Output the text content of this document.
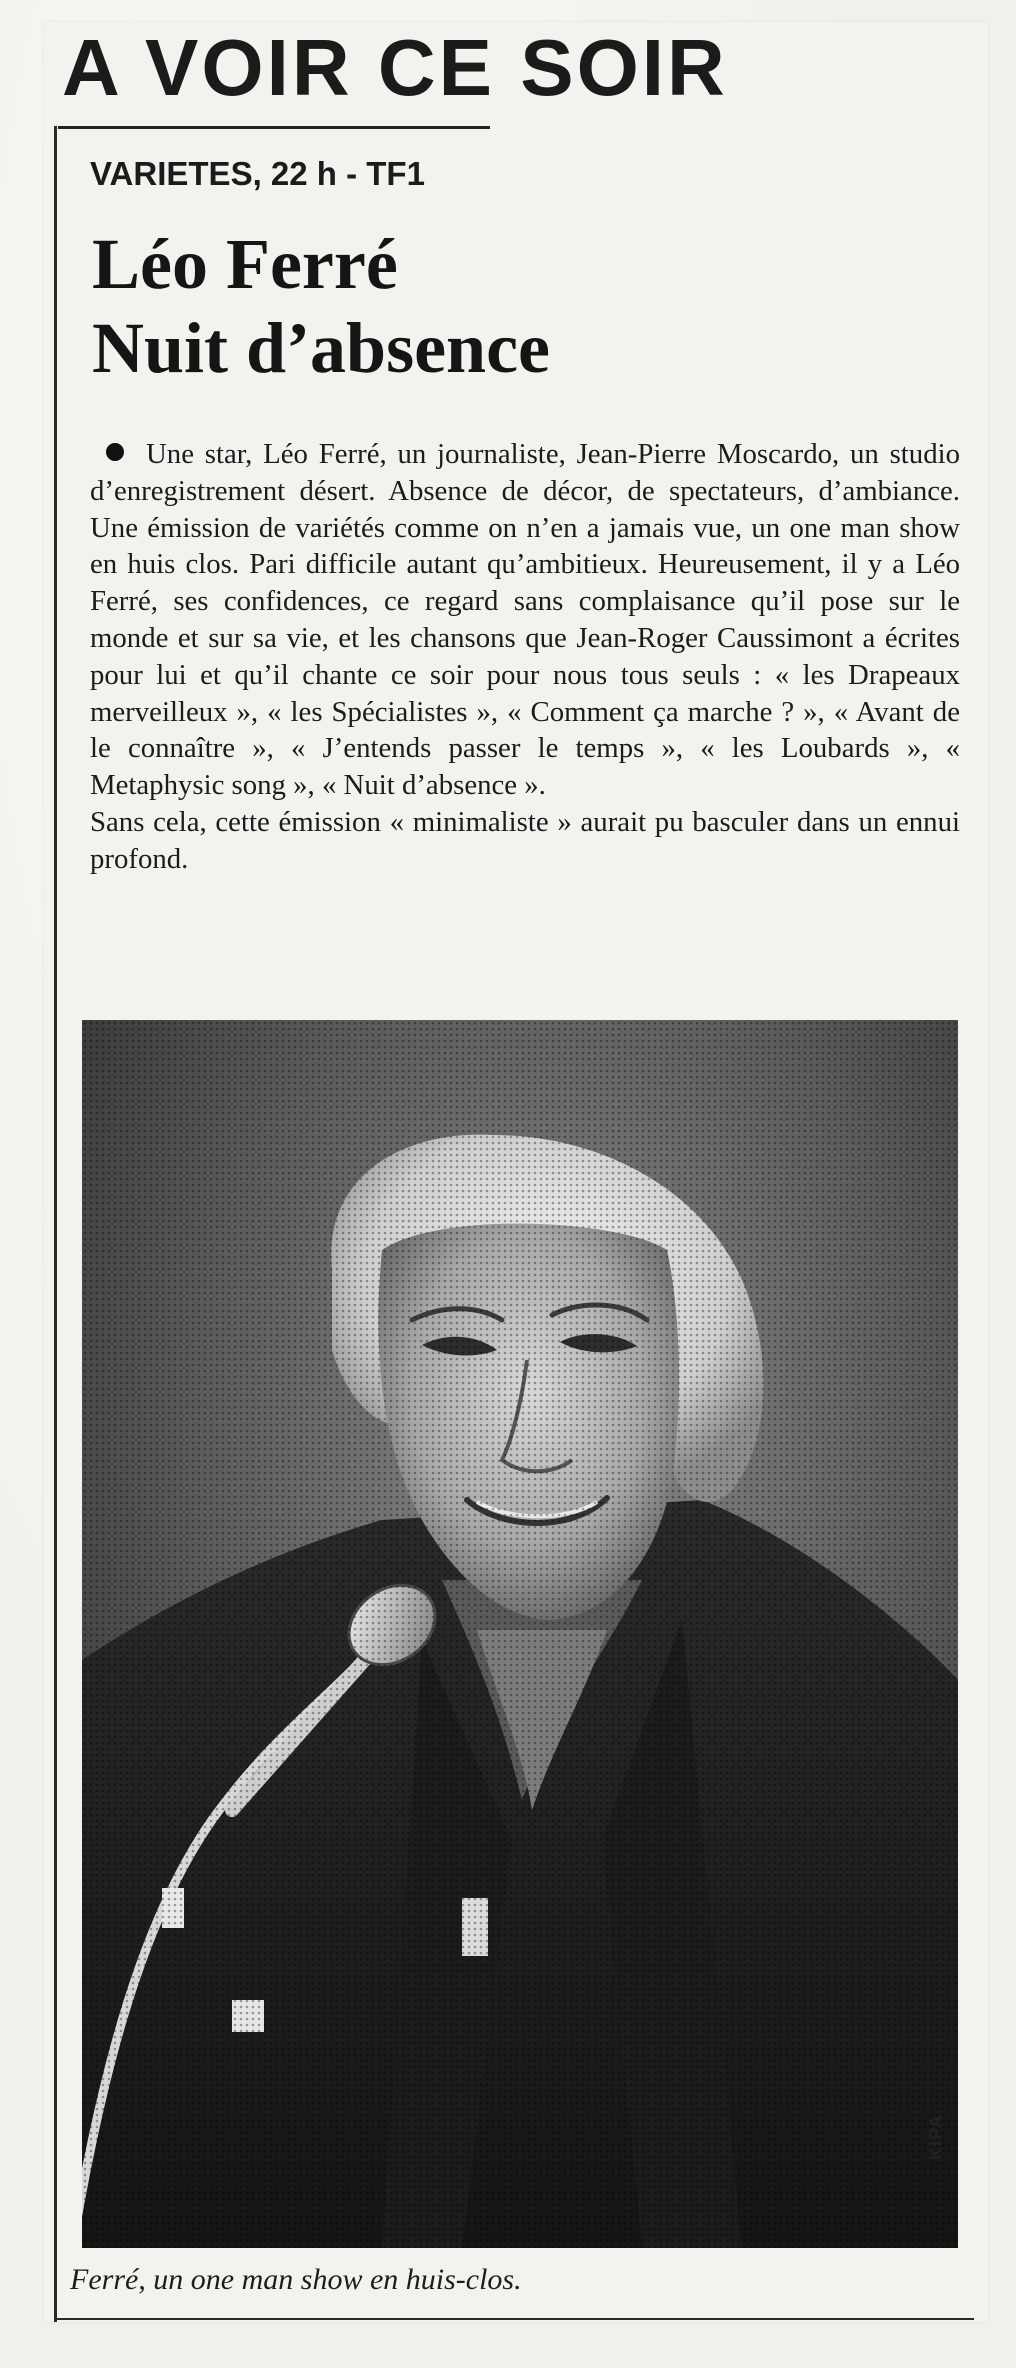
A VOIR CE SOIR
VARIETES, 22 h - TF1
Léo Ferré
Nuit d’absence

Une star, Léo Ferré, un journaliste, Jean-Pierre Moscardo, un studio d’enregistrement désert. Absence de décor, de spectateurs, d’ambiance. Une émission de variétés comme on n’en a jamais vue, un one man show en huis clos. Pari difficile autant qu’ambitieux. Heureusement, il y a Léo Ferré, ses confidences, ce regard sans complaisance qu’il pose sur le monde et sur sa vie, et les chansons que Jean-Roger Caussimont a écrites pour lui et qu’il chante ce soir pour nous tous seuls : « les Drapeaux merveilleux », « les Spécialistes », « Comment ça marche ? », « Avant de le connaître », « J’entends passer le temps », « les Loubards », « Metaphysic song », « Nuit d’absence ».

Sans cela, cette émission « minimaliste » aurait pu basculer dans un ennui profond.

KIPA
Ferré, un one man show en huis-clos.
